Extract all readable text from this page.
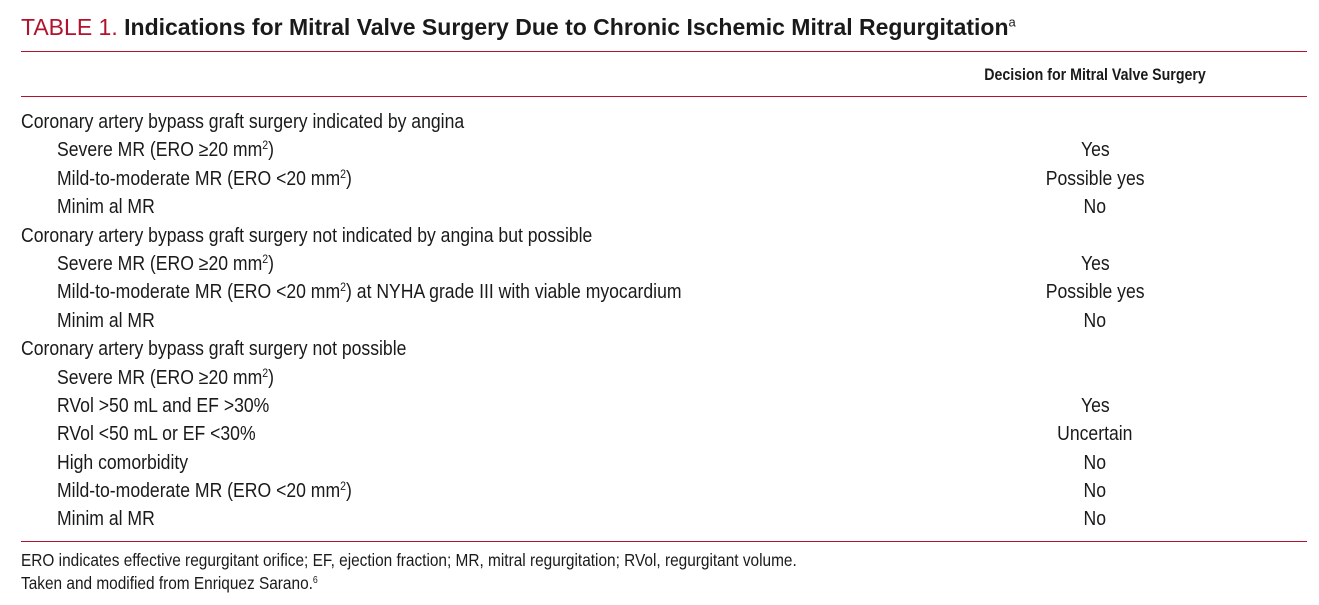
TABLE 1. Indications for Mitral Valve Surgery Due to Chronic Ischemic Mitral Regurgitation$^a$
Decision for Mitral Valve Surgery
Coronary artery bypass graft surgery indicated by angina
Severe MR (ERO ≥20 $mm^2$)	Yes
Mild-to-moderate MR (ERO <20 $mm^2$)	Possible yes
Minim al MR	No
Coronary artery bypass graft surgery not indicated by angina but possible
Severe MR (ERO ≥20 $mm^2$)	Yes
Mild-to-moderate MR (ERO <20 $mm^2$) at NYHA grade III with viable myocardium	Possible yes
Minim al MR	No
Coronary artery bypass graft surgery not possible
Severe MR (ERO ≥20 $mm^2$)
RVol >50 mL and EF >30%	Yes
RVol <50 mL or EF <30%	Uncertain
High comorbidity	No
Mild-to-moderate MR (ERO <20 $mm^2$)	No
Minim al MR	No
ERO indicates effective regurgitant orifice; EF, ejection fraction; MR, mitral regurgitation; RVol, regurgitant volume.
Taken and modified from Enriquez Sarano.$^6$
